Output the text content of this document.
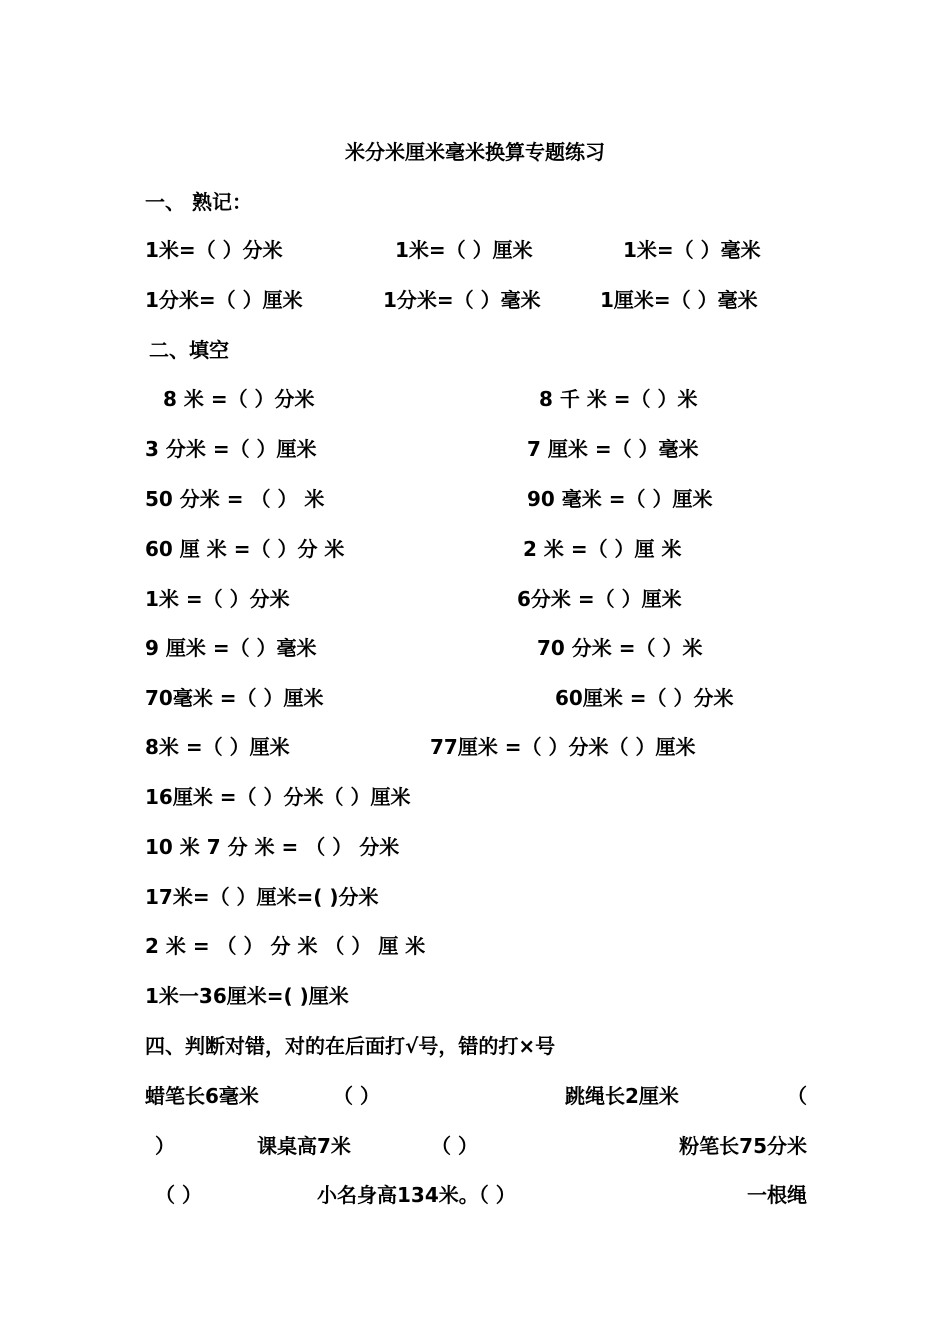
米分米厘米毫米换算专题练习
一、 熟记：
1米=（ ）分米	1米=（ ）厘米	1米=（ ）毫米
1分米=（ ）厘米	1分米=（ ）毫米	1厘米=（ ）毫米
二、填空
8 米 =（ ）分米	8 千 米 =（ ）米
3 分米 =（ ）厘米	7 厘米 =（ ）毫米
50 分米 = （ ） 米	90 毫米 =（ ）厘米
60 厘 米 =（ ）分 米	2 米 =（ ）厘 米
1米 =（ ）分米	6分米 =（ ）厘米
9 厘米 =（ ）毫米	70 分米 =（ ）米
70毫米 =（ ）厘米	60厘米 =（ ）分米
8米 =（ ）厘米	77厘米 =（ ）分米（ ）厘米
16厘米 =（ ）分米（ ）厘米
10 米 7 分 米 = （ ） 分米
17米=（ ）厘米=( )分米
2 米 = （ ） 分 米 （ ） 厘 米
1米一36厘米=( )厘米
四、判断对错，对的在后面打√号，错的打×号
蜡笔长6毫米	（ ）	跳绳长2厘米	（
）	课桌高7米	（ ）	粉笔长75分米
（ ）	小名身高134米。（ ）	一根绳
